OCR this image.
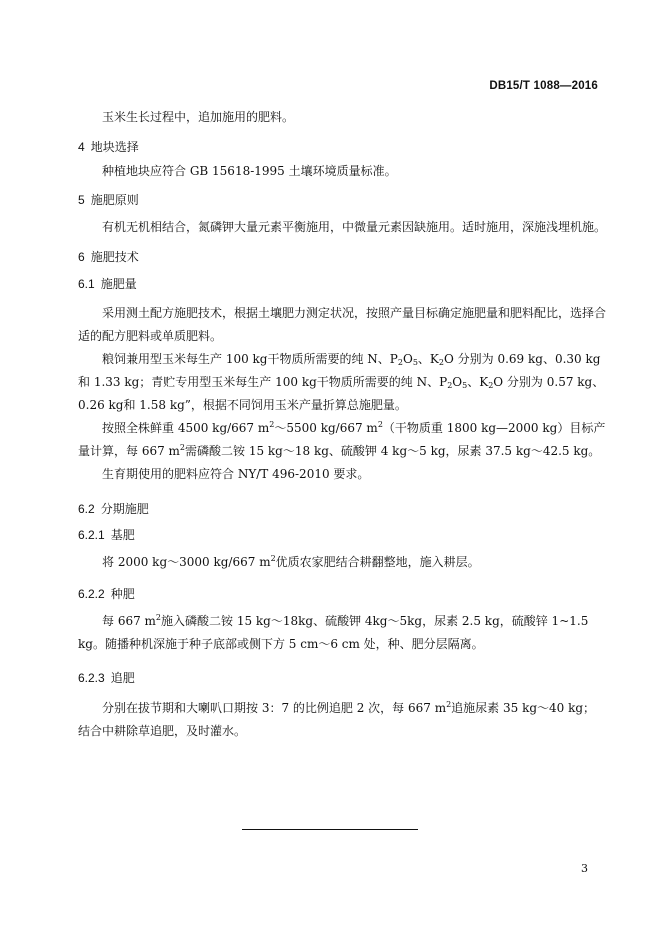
DB15/T 1088—2016

玉米生长过程中，追加施用的肥料。

4 地块选择

种植地块应符合 GB 15618-1995 土壤环境质量标准。

5 施肥原则

有机无机相结合，氮磷钾大量元素平衡施用，中微量元素因缺施用。适时施用，深施浅埋机施。

6 施肥技术
6.1 施肥量

采用测土配方施肥技术，根据土壤肥力测定状况，按照产量目标确定施肥量和肥料配比，选择合适的配方肥料或单质肥料。

粮饲兼用型玉米每生产 100 kg干物质所需要的纯 N、$P_2O_5$、$K_2O$ 分别为 0.69 kg、0.30 kg和 1.33 kg；青贮专用型玉米每生产 100 kg干物质所需要的纯 N、$P_2O_5$、$K_2O$ 分别为 0.57 kg、0.26 kg和 1.58 kg”，根据不同饲用玉米产量折算总施肥量。

按照全株鲜重 4500 kg/667 $m^2\sim 5500$ kg/667 $m^2$（干物质重 1800 kg—2000 kg）目标产量计算，每 667 $m^2$需磷酸二铵 15 kg～18 kg、硫酸钾 4 kg～5 kg，尿素 37.5 kg～42.5 kg。

生育期使用的肥料应符合 NY/T 496-2010 要求。

6.2 分期施肥
6.2.1 基肥

将 2000 kg～3000 kg/667 $m^2$优质农家肥结合耕翻整地，施入耕层。

6.2.2 种肥

每 667 $m^2$施入磷酸二铵 15 kg～18kg、硫酸钾 4kg～5kg，尿素 2.5 kg，硫酸锌 1~1.5 kg。随播种机深施于种子底部或侧下方 5 cm～6 cm 处，种、肥分层隔离。

6.2.3 追肥

分别在拔节期和大喇叭口期按 3：7 的比例追肥 2 次，每 667 $m^2$追施尿素 35 kg～40 kg；结合中耕除草追肥，及时灌水。

3
